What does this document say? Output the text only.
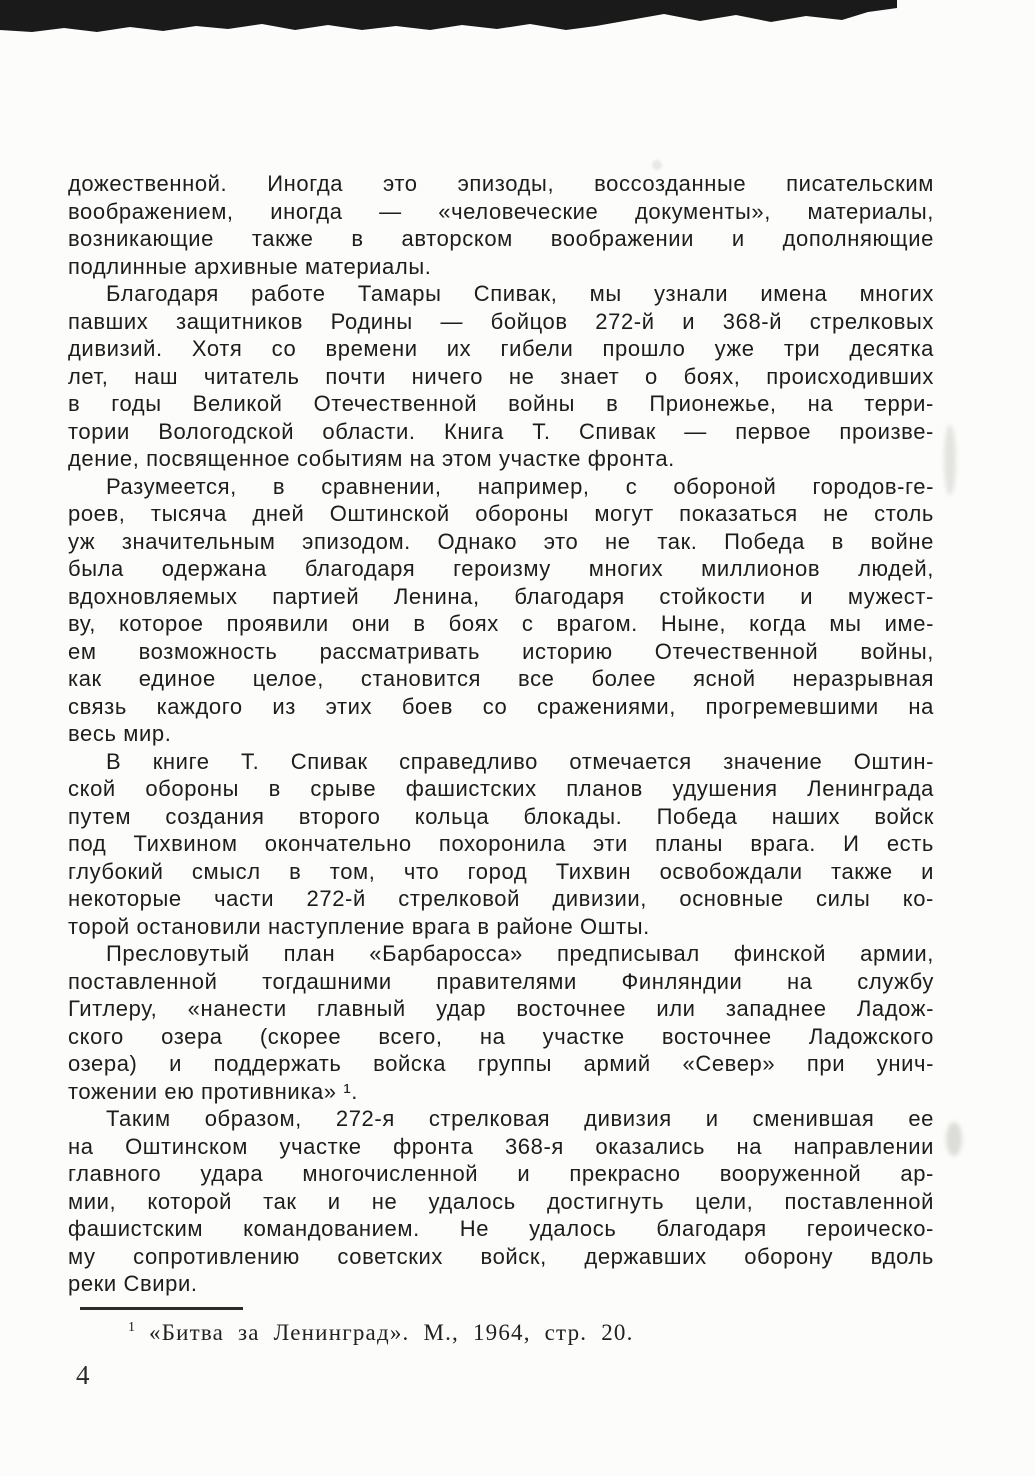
дожественной. Иногда это эпизоды, воссозданные писательским
воображением, иногда — «человеческие документы», материалы,
возникающие также в авторском воображении и дополняющие
подлинные архивные материалы.
Благодаря работе Тамары Спивак, мы узнали имена многих
павших защитников Родины — бойцов 272-й и 368-й стрелковых
дивизий. Хотя со времени их гибели прошло уже три десятка
лет, наш читатель почти ничего не знает о боях, происходивших
в годы Великой Отечественной войны в Прионежье, на терри-
тории Вологодской области. Книга Т. Спивак — первое произве-
дение, посвященное событиям на этом участке фронта.
Разумеется, в сравнении, например, с обороной городов-ге-
роев, тысяча дней Оштинской обороны могут показаться не столь
уж значительным эпизодом. Однако это не так. Победа в войне
была одержана благодаря героизму многих миллионов людей,
вдохновляемых партией Ленина, благодаря стойкости и мужест-
ву, которое проявили они в боях с врагом. Ныне, когда мы име-
ем возможность рассматривать историю Отечественной войны,
как единое целое, становится все более ясной неразрывная
связь каждого из этих боев со сражениями, прогремевшими на
весь мир.
В книге Т. Спивак справедливо отмечается значение Оштин-
ской обороны в срыве фашистских планов удушения Ленинграда
путем создания второго кольца блокады. Победа наших войск
под Тихвином окончательно похоронила эти планы врага. И есть
глубокий смысл в том, что город Тихвин освобождали также и
некоторые части 272-й стрелковой дивизии, основные силы ко-
торой остановили наступление врага в районе Ошты.
Пресловутый план «Барбаросса» предписывал финской армии,
поставленной тогдашними правителями Финляндии на службу
Гитлеру, «нанести главный удар восточнее или западнее Ладож-
ского озера (скорее всего, на участке восточнее Ладожского
озера) и поддержать войска группы армий «Север» при унич-
тожении ею противника» ¹.
Таким образом, 272-я стрелковая дивизия и сменившая ее
на Оштинском участке фронта 368-я оказались на направлении
главного удара многочисленной и прекрасно вооруженной ар-
мии, которой так и не удалось достигнуть цели, поставленной
фашистским командованием. Не удалось благодаря героическо-
му сопротивлению советских войск, державших оборону вдоль
реки Свири.
$^1$ «Битва за Ленинград». М., 1964, стр. 20.
4
